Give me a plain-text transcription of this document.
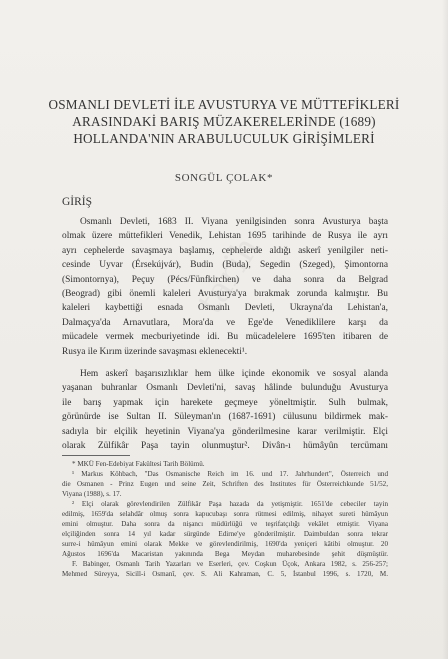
OSMANLI DEVLETİ İLE AVUSTURYA VE MÜTTEFİKLERİ
ARASINDAKİ BARIŞ MÜZAKERELERİNDE (1689)
HOLLANDA'NIN ARABULUCULUK GİRİŞİMLERİ
SONGÜL ÇOLAK*
GİRİŞ
Osmanlı Devleti, 1683 II. Viyana yenilgisinden sonra Avusturya başta
olmak üzere müttefikleri Venedik, Lehistan 1695 tarihinde de Rusya ile ayrı
ayrı cephelerde savaşmaya başlamış, cephelerde aldığı askerî yenilgiler neti-
cesinde Uyvar (Érsekújvár), Budin (Buda), Segedin (Szeged), Şimontorna
(Simontornya), Peçuy (Pécs/Fünfkirchen) ve daha sonra da Belgrad
(Beograd) gibi önemli kaleleri Avusturya'ya bırakmak zorunda kalmıştır. Bu
kaleleri kaybettiği esnada Osmanlı Devleti, Ukrayna'da Lehistan'a,
Dalmaçya'da Arnavutlara, Mora'da ve Ege'de Venediklilere karşı da
mücadele vermek mecburiyetinde idi. Bu mücadelelere 1695'ten itibaren de
Rusya ile Kırım üzerinde savaşması eklenecekti¹.
Hem askerî başarısızlıklar hem ülke içinde ekonomik ve sosyal alanda
yaşanan buhranlar Osmanlı Devleti'ni, savaş hâlinde bulunduğu Avusturya
ile barış yapmak için harekete geçmeye yöneltmiştir. Sulh bulmak,
görünürde ise Sultan II. Süleyman'ın (1687-1691) cülusunu bildirmek mak-
sadıyla bir elçilik heyetinin Viyana'ya gönderilmesine karar verilmiştir. Elçi
olarak Zülfikâr Paşa tayin olunmuştur². Divân-ı hümâyûn tercümanı
* MKÜ Fen-Edebiyat Fakültesi Tarih Bölümü.
¹ Markus Köhbach, "Das Osmanische Reich im 16. und 17. Jahrhundert", Österreich und
die Osmanen - Prinz Eugen und seine Zeit, Schriften des Institutes für Österreichkunde 51/52,
Viyana (1988), s. 17.
² Elçi olarak görevlendirilen Zülfikâr Paşa hazada da yetişmiştir. 1651'de cebeciler tayin
edilmiş, 1659'da selahdâr olmuş sonra kapucubaşı sonra rütmesi edilmiş, nihayet sureti hümâyun
emini olmuştur. Daha sonra da nişancı müdürlüğü ve teşrifatçılığı vekâlet etmiştir. Viyana
elçiliğinden sonra 14 yıl kadar sürgünde Edirne'ye gönderilmiştir. Daimbuldan sonra tekrar
surre-i hümâyun emini olarak Mekke ve görevlendirilmiş, 1690'da yeniçeri kâtibi olmuştur. 20
Ağustos 1696'da Macaristan yakınında Bega Meydan muharebesinde şehit düşmüştür.
F. Babinger, Osmanlı Tarih Yazarları ve Eserleri, çev. Coşkun Üçok, Ankara 1982, s. 256-257;
Mehmed Süreyya, Sicill-i Osmanî, çev. S. Ali Kahraman, C. 5, İstanbul 1996, s. 1720, M.
tarih
